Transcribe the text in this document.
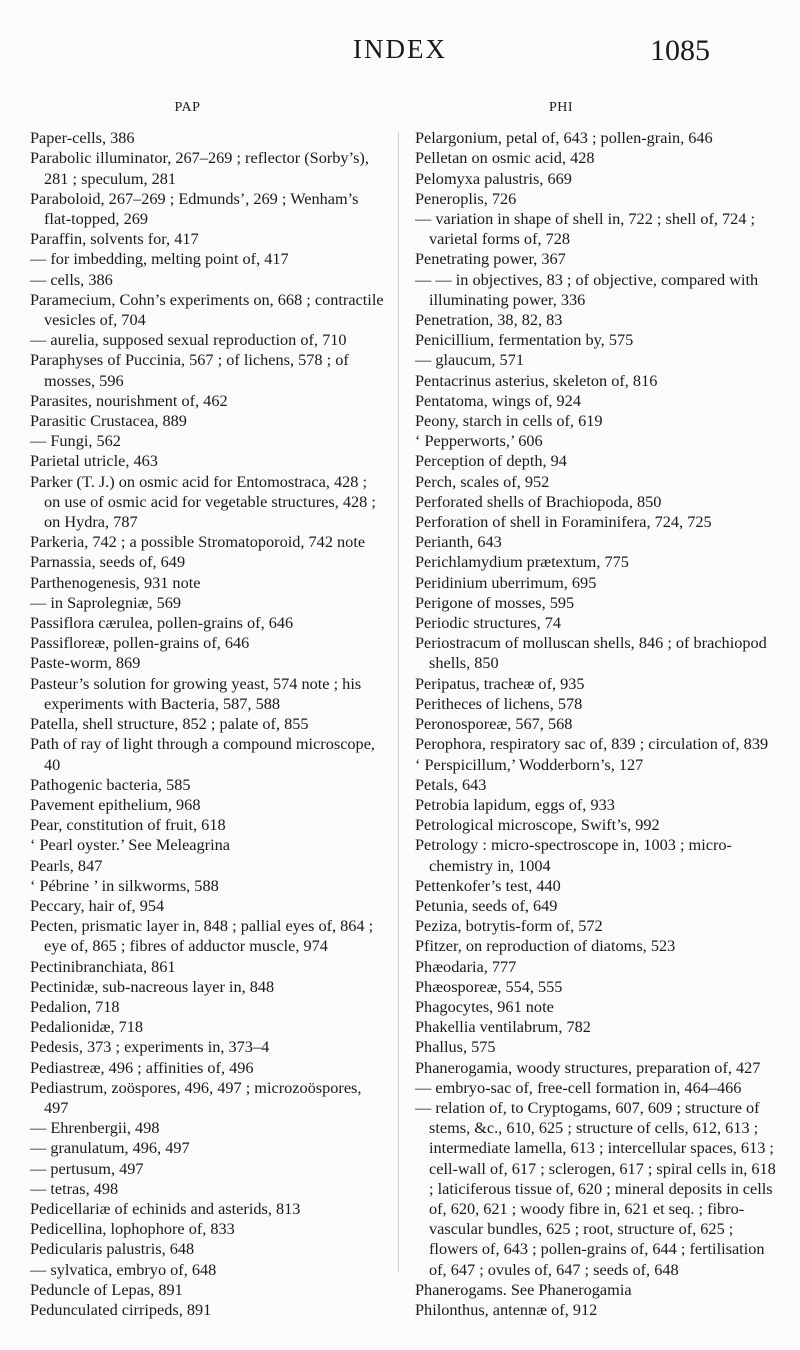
INDEX	1085
PAP
Paper-cells, 386
Parabolic illuminator, 267–269 ; reflector (Sorby’s), 281 ; speculum, 281
Paraboloid, 267–269 ; Edmunds’, 269 ; Wenham’s flat-topped, 269
Paraffin, solvents for, 417
— for imbedding, melting point of, 417
— cells, 386
Paramecium, Cohn’s experiments on, 668 ; contractile vesicles of, 704
— aurelia, supposed sexual reproduction of, 710
Paraphyses of Puccinia, 567 ; of lichens, 578 ; of mosses, 596
Parasites, nourishment of, 462
Parasitic Crustacea, 889
— Fungi, 562
Parietal utricle, 463
Parker (T. J.) on osmic acid for Entomostraca, 428 ; on use of osmic acid for vegetable structures, 428 ; on Hydra, 787
Parkeria, 742 ; a possible Stromatoporoid, 742 note
Parnassia, seeds of, 649
Parthenogenesis, 931 note
— in Saprolegniæ, 569
Passiflora cærulea, pollen-grains of, 646
Passifloreæ, pollen-grains of, 646
Paste-worm, 869
Pasteur’s solution for growing yeast, 574 note ; his experiments with Bacteria, 587, 588
Patella, shell structure, 852 ; palate of, 855
Path of ray of light through a compound microscope, 40
Pathogenic bacteria, 585
Pavement epithelium, 968
Pear, constitution of fruit, 618
‘ Pearl oyster.’ See Meleagrina
Pearls, 847
‘ Pébrine ’ in silkworms, 588
Peccary, hair of, 954
Pecten, prismatic layer in, 848 ; pallial eyes of, 864 ; eye of, 865 ; fibres of adductor muscle, 974
Pectinibranchiata, 861
Pectinidæ, sub-nacreous layer in, 848
Pedalion, 718
Pedalionidæ, 718
Pedesis, 373 ; experiments in, 373–4
Pediastreæ, 496 ; affinities of, 496
Pediastrum, zoöspores, 496, 497 ; microzoöspores, 497
— Ehrenbergii, 498
— granulatum, 496, 497
— pertusum, 497
— tetras, 498
Pedicellariæ of echinids and asterids, 813
Pedicellina, lophophore of, 833
Pedicularis palustris, 648
— sylvatica, embryo of, 648
Peduncle of Lepas, 891
Pedunculated cirripeds, 891
PHI
Pelargonium, petal of, 643 ; pollen-grain, 646
Pelletan on osmic acid, 428
Pelomyxa palustris, 669
Peneroplis, 726
— variation in shape of shell in, 722 ; shell of, 724 ; varietal forms of, 728
Penetrating power, 367
— — in objectives, 83 ; of objective, compared with illuminating power, 336
Penetration, 38, 82, 83
Penicillium, fermentation by, 575
— glaucum, 571
Pentacrinus asterius, skeleton of, 816
Pentatoma, wings of, 924
Peony, starch in cells of, 619
‘ Pepperworts,’ 606
Perception of depth, 94
Perch, scales of, 952
Perforated shells of Brachiopoda, 850
Perforation of shell in Foraminifera, 724, 725
Perianth, 643
Perichlamydium prætextum, 775
Peridinium uberrimum, 695
Perigone of mosses, 595
Periodic structures, 74
Periostracum of molluscan shells, 846 ; of brachiopod shells, 850
Peripatus, tracheæ of, 935
Peritheces of lichens, 578
Peronosporeæ, 567, 568
Perophora, respiratory sac of, 839 ; circulation of, 839
‘ Perspicillum,’ Wodderborn’s, 127
Petals, 643
Petrobia lapidum, eggs of, 933
Petrological microscope, Swift’s, 992
Petrology : micro-spectroscope in, 1003 ; micro-chemistry in, 1004
Pettenkofer’s test, 440
Petunia, seeds of, 649
Peziza, botrytis-form of, 572
Pfitzer, on reproduction of diatoms, 523
Phæodaria, 777
Phæosporeæ, 554, 555
Phagocytes, 961 note
Phakellia ventilabrum, 782
Phallus, 575
Phanerogamia, woody structures, preparation of, 427
— embryo-sac of, free-cell formation in, 464–466
— relation of, to Cryptogams, 607, 609 ; structure of stems, &c., 610, 625 ; structure of cells, 612, 613 ; intermediate lamella, 613 ; intercellular spaces, 613 ; cell-wall of, 617 ; sclerogen, 617 ; spiral cells in, 618 ; laticiferous tissue of, 620 ; mineral deposits in cells of, 620, 621 ; woody fibre in, 621 et seq. ; fibro-vascular bundles, 625 ; root, structure of, 625 ; flowers of, 643 ; pollen-grains of, 644 ; fertilisation of, 647 ; ovules of, 647 ; seeds of, 648
Phanerogams. See Phanerogamia
Philonthus, antennæ of, 912
